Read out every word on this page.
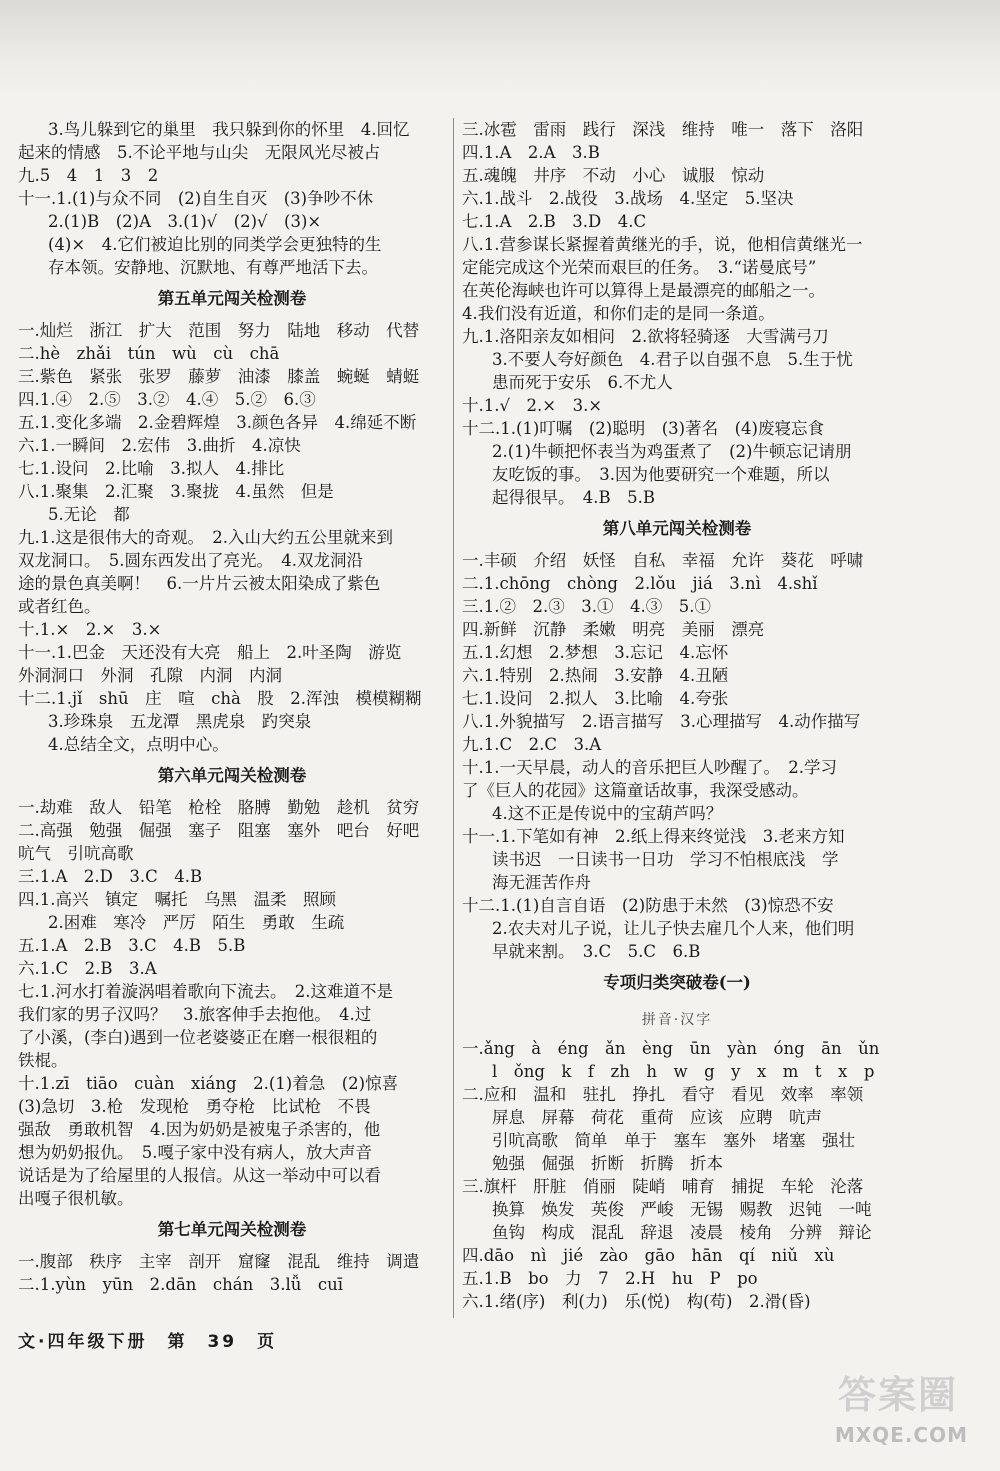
3.鸟儿躲到它的巢里　我只躲到你的怀里　4.回忆
起来的情感　5.不论平地与山尖　无限风光尽被占
九.5　4　1　3　2
十一.1.(1)与众不同　(2)自生自灭　(3)争吵不休
2.(1)B　(2)A　3.(1)√　(2)√　(3)×
(4)×　4.它们被迫比别的同类学会更独特的生
存本领。安静地、沉默地、有尊严地活下去。
第五单元闯关检测卷
一.灿烂　浙江　扩大　范围　努力　陆地　移动　代替
二.hè　zhǎi　tún　wù　cù　chā
三.紫色　紧张　张罗　藤萝　油漆　膝盖　蜿蜒　蜻蜓
四.1.④　2.⑤　3.②　4.④　5.②　6.③
五.1.变化多端　2.金碧辉煌　3.颜色各异　4.绵延不断
六.1.一瞬间　2.宏伟　3.曲折　4.凉快
七.1.设问　2.比喻　3.拟人　4.排比
八.1.聚集　2.汇聚　3.聚拢　4.虽然　但是
5.无论　都
九.1.这是很伟大的奇观。　2.入山大约五公里就来到
双龙洞口。　5.圆东西发出了亮光。　4.双龙洞沿
途的景色真美啊！　6.一片片云被太阳染成了紫色
或者红色。
十.1.×　2.×　3.×
十一.1.巴金　天还没有大亮　船上　2.叶圣陶　游览
外洞洞口　外洞　孔隙　内洞　内洞
十二.1.jǐ　shū　庄　喧　chà　股　2.浑浊　模模糊糊
3.珍珠泉　五龙潭　黑虎泉　趵突泉
4.总结全文，点明中心。
第六单元闯关检测卷
一.劫难　敌人　铅笔　枪栓　胳膊　勤勉　趁机　贫穷
二.高强　勉强　倔强　塞子　阻塞　塞外　吧台　好吧
吭气　引吭高歌
三.1.A　2.D　3.C　4.B
四.1.高兴　镇定　嘱托　乌黑　温柔　照顾
2.困难　寒冷　严厉　陌生　勇敢　生疏
五.1.A　2.B　3.C　4.B　5.B
六.1.C　2.B　3.A
七.1.河水打着漩涡唱着歌向下流去。　2.这难道不是
我们家的男子汉吗？　3.旅客伸手去抱他。　4.过
了小溪，(李白)遇到一位老婆婆正在磨一根很粗的
铁棍。
十.1.zī　tiāo　cuàn　xiáng　2.(1)着急　(2)惊喜
(3)急切　3.枪　发现枪　勇夺枪　比试枪　不畏
强敌　勇敢机智　4.因为奶奶是被鬼子杀害的，他
想为奶奶报仇。　5.嘎子家中没有病人，放大声音
说话是为了给屋里的人报信。从这一举动中可以看
出嘎子很机敏。
第七单元闯关检测卷
一.腹部　秩序　主宰　剖开　窟窿　混乱　维持　调遣
二.1.yùn　yūn　2.dān　chán　3.lǚ　cuī
三.冰雹　雷雨　践行　深浅　维持　唯一　落下　洛阳
四.1.A　2.A　3.B
五.魂魄　井序　不动　小心　诚服　惊动
六.1.战斗　2.战役　3.战场　4.坚定　5.坚决
七.1.A　2.B　3.D　4.C
八.1.营参谋长紧握着黄继光的手，说，他相信黄继光一
定能完成这个光荣而艰巨的任务。　3.“诺曼底号”
在英伦海峡也许可以算得上是最漂亮的邮船之一。
4.我们没有近道，和你们走的是同一条道。
九.1.洛阳亲友如相问　2.欲将轻骑逐　大雪满弓刀
3.不要人夸好颜色　4.君子以自强不息　5.生于忧
患而死于安乐　6.不尤人
十.1.√　2.×　3.×
十二.1.(1)叮嘱　(2)聪明　(3)著名　(4)废寝忘食
2.(1)牛顿把怀表当为鸡蛋煮了　(2)牛顿忘记请朋
友吃饭的事。　3.因为他要研究一个难题，所以
起得很早。　4.B　5.B
第八单元闯关检测卷
一.丰硕　介绍　妖怪　自私　幸福　允许　葵花　呼啸
二.1.chōng　chòng　2.lǒu　jiá　3.nì　4.shǐ
三.1.②　2.③　3.①　4.③　5.①
四.新鲜　沉静　柔嫩　明亮　美丽　漂亮
五.1.幻想　2.梦想　3.忘记　4.忘怀
六.1.特别　2.热闹　3.安静　4.丑陋
七.1.设问　2.拟人　3.比喻　4.夸张
八.1.外貌描写　2.语言描写　3.心理描写　4.动作描写
九.1.C　2.C　3.A
十.1.一天早晨，动人的音乐把巨人吵醒了。　2.学习
了《巨人的花园》这篇童话故事，我深受感动。
4.这不正是传说中的宝葫芦吗？
十一.1.下笔如有神　2.纸上得来终觉浅　3.老来方知
读书迟　一日读书一日功　学习不怕根底浅　学
海无涯苦作舟
十二.1.(1)自言自语　(2)防患于未然　(3)惊恐不安
2.农夫对儿子说，让儿子快去雇几个人来，他们明
早就来割。　3.C　5.C　6.B
专项归类突破卷(一)
拼音·汉字
一.ǎng　à　éng　ǎn　èng　ūn　yàn　óng　ān　ǔn
l　ǒng　k　f　zh　h　w　g　y　x　m　t　x　p
二.应和　温和　驻扎　挣扎　看守　看见　效率　率领
屏息　屏幕　荷花　重荷　应该　应聘　吭声
引吭高歌　简单　单于　塞车　塞外　堵塞　强壮
勉强　倔强　折断　折腾　折本
三.旗杆　肝脏　俏丽　陡峭　哺育　捕捉　车轮　沦落
换算　焕发　英俊　严峻　无锡　赐教　迟钝　一吨
鱼钩　构成　混乱　辞退　凌晨　棱角　分辨　辩论
四.dāo　nì　jié　zào　gāo　hān　qí　niǔ　xù
五.1.B　bo　力　7　2.H　hu　P　po
六.1.绪(序)　利(力)　乐(悦)　构(苟)　2.滑(昏)
文·四年级下册　第　39　页
答案圈
MXQE.COM
